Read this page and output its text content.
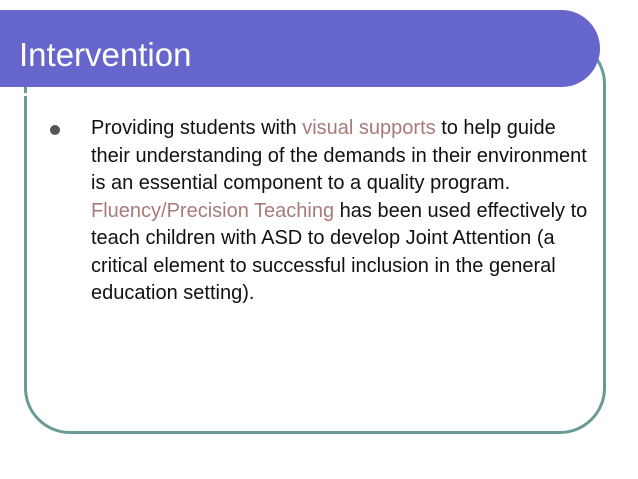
Intervention

Providing students with visual supports to help guide their understanding of the demands in their environment is an essential component to a quality program. Fluency/Precision Teaching has been used effectively to teach children with ASD to develop Joint Attention (a critical element to successful inclusion in the general education setting).
